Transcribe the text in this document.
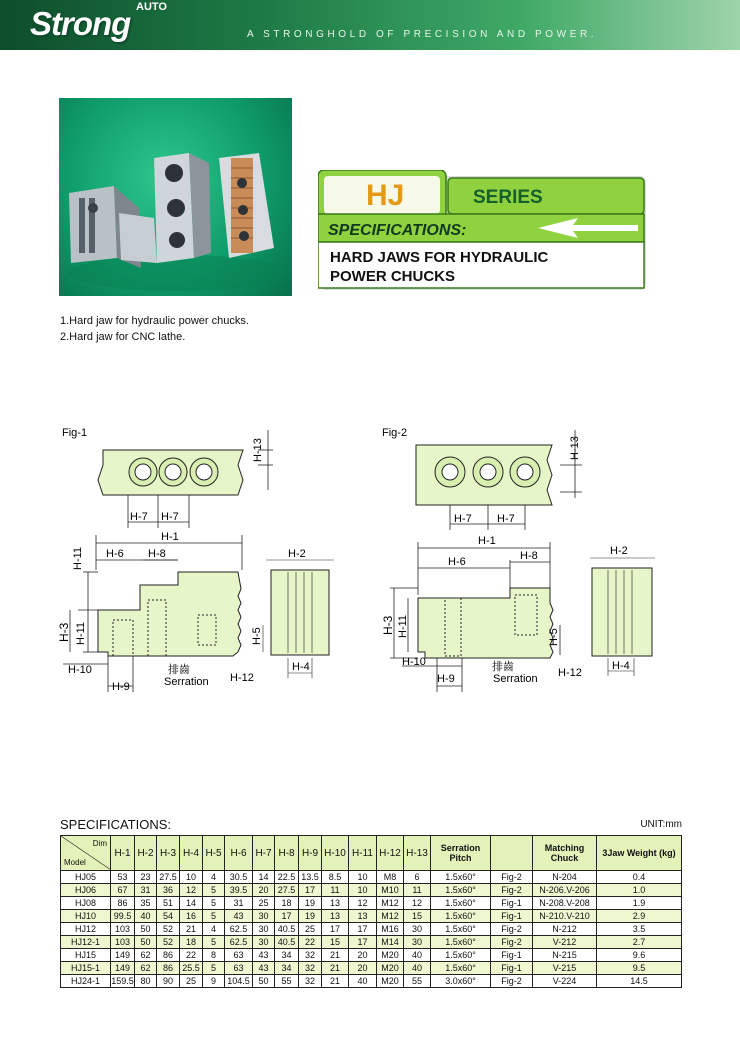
Strong AUTO
A STRONGHOLD OF PRECISION AND POWER.
HJ	SERIES
SPECIFICATIONS:
HARD JAWS FOR HYDRAULIC
POWER CHUCKS
1.Hard jaw for hydraulic power chucks.
2.Hard jaw for CNC lathe.
Fig-1
H-13
H-7 H-7
H-1
H-6 H-8
H-11
H-3 H-11
H-10
H-9
排齒
Serration H-12
H-2
H-5
H-4
Fig-2
H-13
H-7 H-7
H-1
H-6	H-8
H-3 H-11
H-10
H-9
排齒
Serration H-12
H-5
H-2
H-4
SPECIFICATIONS:	UNIT:mm
Dim
Model	H-1	H-2	H-3	H-4	H-5	H-6	H-7	H-8	H-9	H-10	H-11	H-12	H-13	Serration Pitch		Matching Chuck	3Jaw Weight (kg)
HJ05	53	23	27.5	10	4	30.5	14	22.5	13.5	8.5	10	M8	6	1.5x60°	Fig-2	N-204	0.4
HJ06	67	31	36	12	5	39.5	20	27.5	17	11	10	M10	11	1.5x60°	Fig-2	N-206.V-206	1.0
HJ08	86	35	51	14	5	31	25	18	19	13	12	M12	12	1.5x60°	Fig-1	N-208.V-208	1.9
HJ10	99.5	40	54	16	5	43	30	17	19	13	13	M12	15	1.5x60°	Fig-1	N-210.V-210	2.9
HJ12	103	50	52	21	4	62.5	30	40.5	25	17	17	M16	30	1.5x60°	Fig-2	N-212	3.5
HJ12-1	103	50	52	18	5	62.5	30	40.5	22	15	17	M14	30	1.5x60°	Fig-2	V-212	2.7
HJ15	149	62	86	22	8	63	43	34	32	21	20	M20	40	1.5x60°	Fig-1	N-215	9.6
HJ15-1	149	62	86	25.5	5	63	43	34	32	21	20	M20	40	1.5x60°	Fig-1	V-215	9.5
HJ24-1	159.5	80	90	25	9	104.5	50	55	32	21	40	M20	55	3.0x60°	Fig-2	V-224	14.5
